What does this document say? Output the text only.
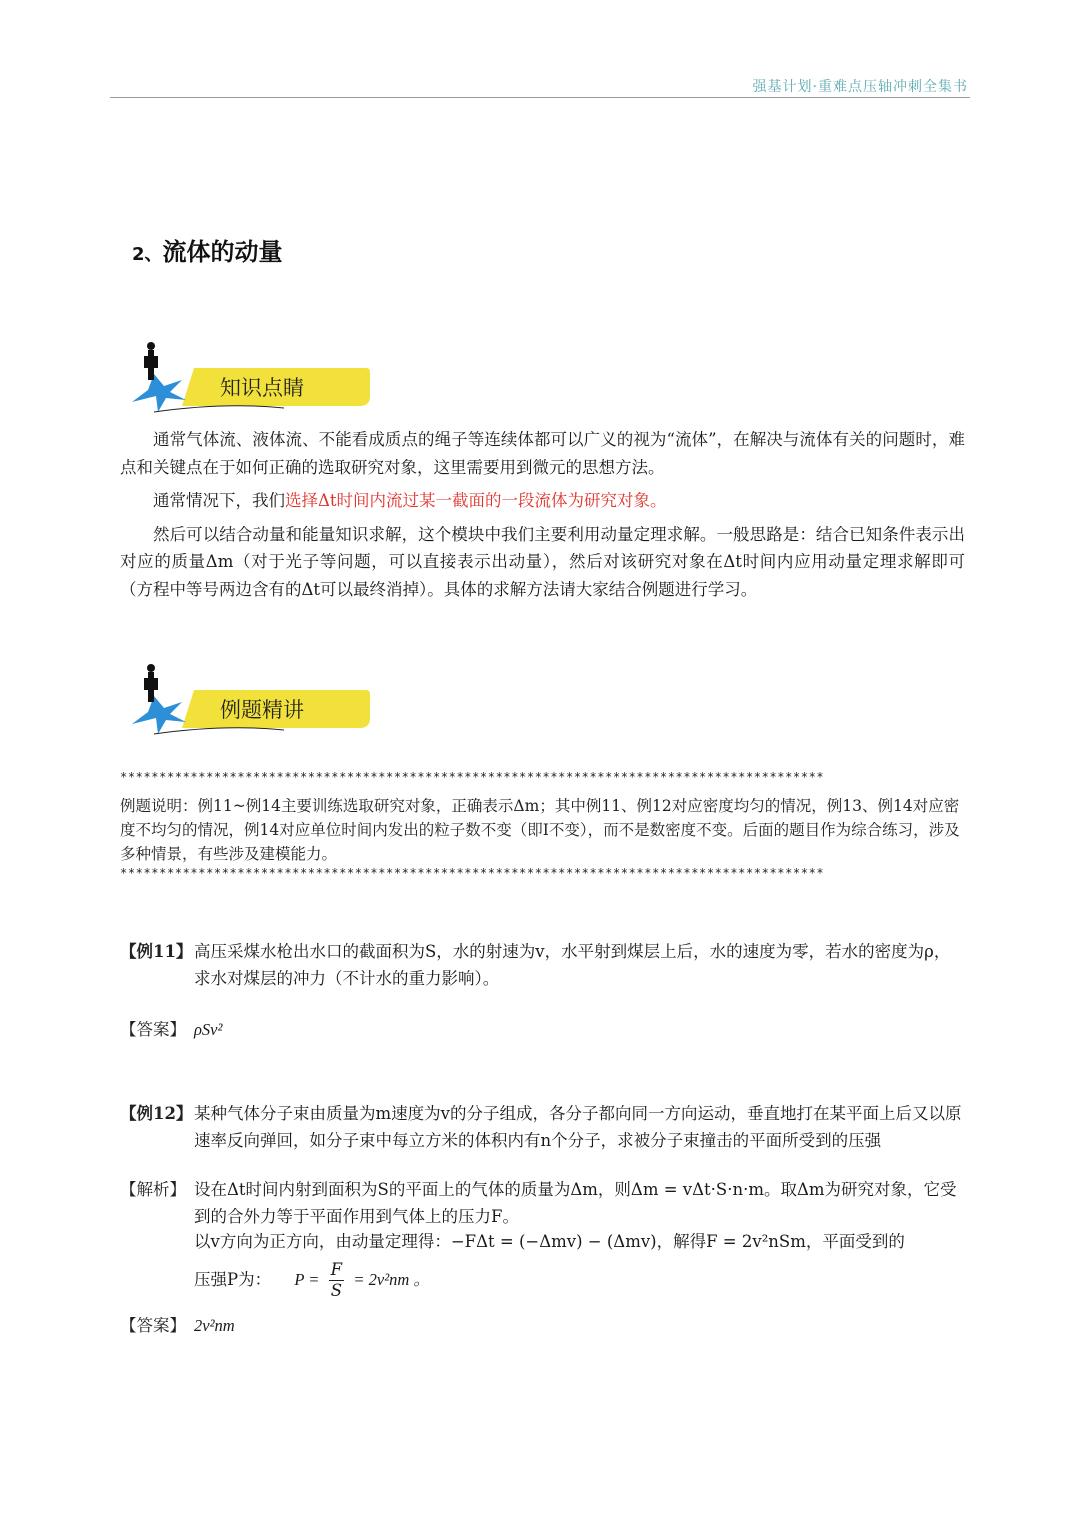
强基计划·重难点压轴冲刺全集书
2、流体的动量
知识点睛

通常气体流、液体流、不能看成质点的绳子等连续体都可以广义的视为“流体”，在解决与流体有关的问题时，难点和关键点在于如何正确的选取研究对象，这里需要用到微元的思想方法。

通常情况下，我们选择Δt时间内流过某一截面的一段流体为研究对象。

然后可以结合动量和能量知识求解，这个模块中我们主要利用动量定理求解。一般思路是：结合已知条件表示出对应的质量Δm（对于光子等问题，可以直接表示出动量），然后对该研究对象在Δt时间内应用动量定理求解即可（方程中等号两边含有的Δt可以最终消掉）。具体的求解方法请大家结合例题进行学习。

例题精讲
******************************************************************************************
例题说明：例11~例14主要训练选取研究对象，正确表示Δm；其中例11、例12对应密度均匀的情况，例13、例14对应密度不均匀的情况，例14对应单位时间内发出的粒子数不变（即I不变），而不是数密度不变。后面的题目作为综合练习，涉及多种情景，有些涉及建模能力。
******************************************************************************************
【例11】高压采煤水枪出水口的截面积为S，水的射速为v，水平射到煤层上后，水的速度为零，若水的密度为ρ，求水对煤层的冲力（不计水的重力影响）。
【答案】 ρSv²
【例12】某种气体分子束由质量为m速度为v的分子组成，各分子都向同一方向运动，垂直地打在某平面上后又以原速率反向弹回，如分子束中每立方米的体积内有n个分子，求被分子束撞击的平面所受到的压强
【解析】 设在Δt时间内射到面积为S的平面上的气体的质量为Δm，则Δm = vΔt·S·n·m。取Δm为研究对象，它受到的合外力等于平面作用到气体上的压力F。
以v方向为正方向，由动量定理得：−FΔt = (−Δmv) − (Δmv)，解得F = 2v²nSm，平面受到的
压强P为： $P = \frac{F}{S} = 2v^2nm$ 。
【答案】 2v²nm
